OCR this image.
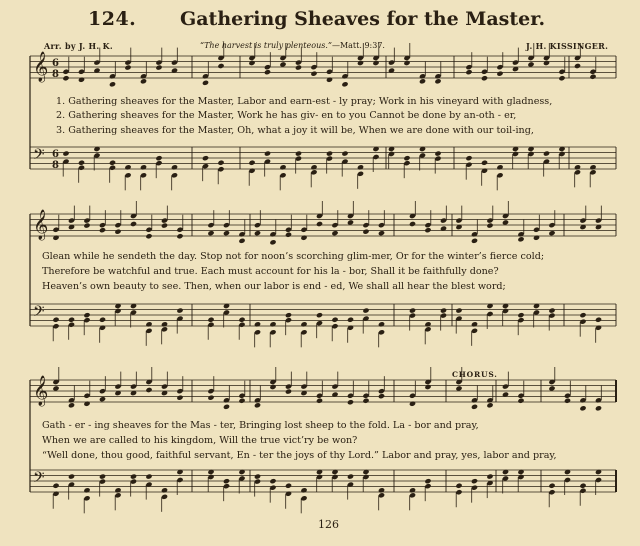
124. Gathering Sheaves for the Master.
Arr. by J. H. K.	“The harvest is truly plenteous.”—Matt. 9:37.	J. H. KISSINGER.
𝄞 6
8
𝄢 6
8
𝄞
𝄢
𝄞
𝄢
1. Gathering sheaves for the Master, Labor and earn-est - ly pray; Work in his vineyard with gladness,
2. Gathering sheaves for the Master, Work he has giv- en to you Cannot be done by an-oth - er,
3. Gathering sheaves for the Master, Oh, what a joy it will be, When we are done with our toil-ing,
Glean while he sendeth the day. Stop not for noon’s scorching glim-mer, Or for the winter’s fierce cold;
Therefore be watchful and true. Each must account for his la - bor, Shall it be faithfully done?
Heaven’s own beauty to see. Then, when our labor is end - ed, We shall all hear the blest word;
CHORUS.
Gath - er - ing sheaves for the Mas - ter, Bringing lost sheep to the fold. La - bor and pray,
When we are called to his kingdom, Will the true vict’ry be won?
“Well done, thou good, faithful servant, En - ter the joys of thy Lord.” Labor and pray, yes, labor and pray,
126
